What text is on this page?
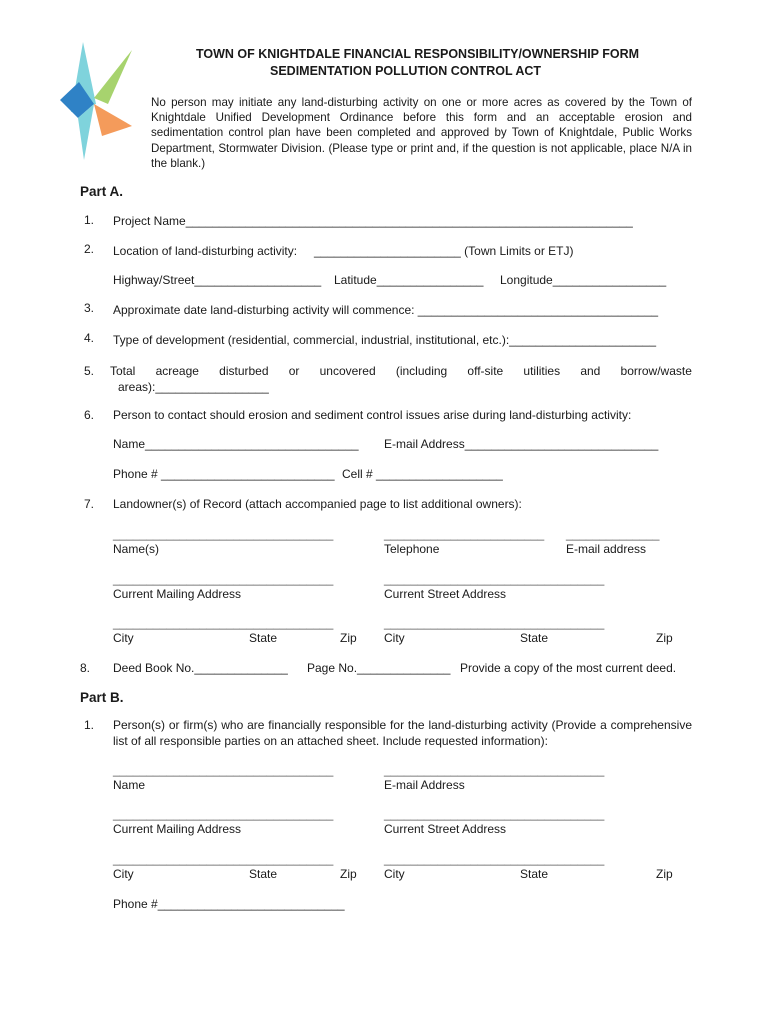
TOWN OF KNIGHTDALE FINANCIAL RESPONSIBILITY/OWNERSHIP FORM
SEDIMENTATION POLLUTION CONTROL ACT
No person may initiate any land-disturbing activity on one or more acres as covered by the Town of Knightdale Unified Development Ordinance before this form and an acceptable erosion and sedimentation control plan have been completed and approved by Town of Knightdale, Public Works Department, Stormwater Division. (Please type or print and, if the question is not applicable, place N/A in the blank.)
Part A.
1. Project Name___________________________________________________________________
2. Location of land-disturbing activity: ______________________ (Town Limits or ETJ)
Highway/Street___________________ Latitude________________ Longitude_________________
3. Approximate date land-disturbing activity will commence: ____________________________________
4. Type of development (residential, commercial, industrial, institutional, etc.):______________________
5. Total acreage disturbed or uncovered (including off-site utilities and borrow/waste
areas):_________________
6. Person to contact should erosion and sediment control issues arise during land-disturbing activity:
Name________________________________ E-mail Address_____________________________
Phone # __________________________ Cell # ___________________
7. Landowner(s) of Record (attach accompanied page to list additional owners):
_________________________________	________________________ ______________
Name(s)	Telephone	E-mail address
_________________________________	_________________________________
Current Mailing Address	Current Street Address
_________________________________	_________________________________
City	State	Zip City	State	Zip
8. Deed Book No.______________ Page No.______________ Provide a copy of the most current deed.
Part B.
1. Person(s) or firm(s) who are financially responsible for the land-disturbing activity (Provide a comprehensive list of all responsible parties on an attached sheet. Include requested information):
_________________________________	_________________________________
Name	E-mail Address
_________________________________	_________________________________
Current Mailing Address	Current Street Address
_________________________________	_________________________________
City	State	Zip City	State	Zip
Phone #____________________________
